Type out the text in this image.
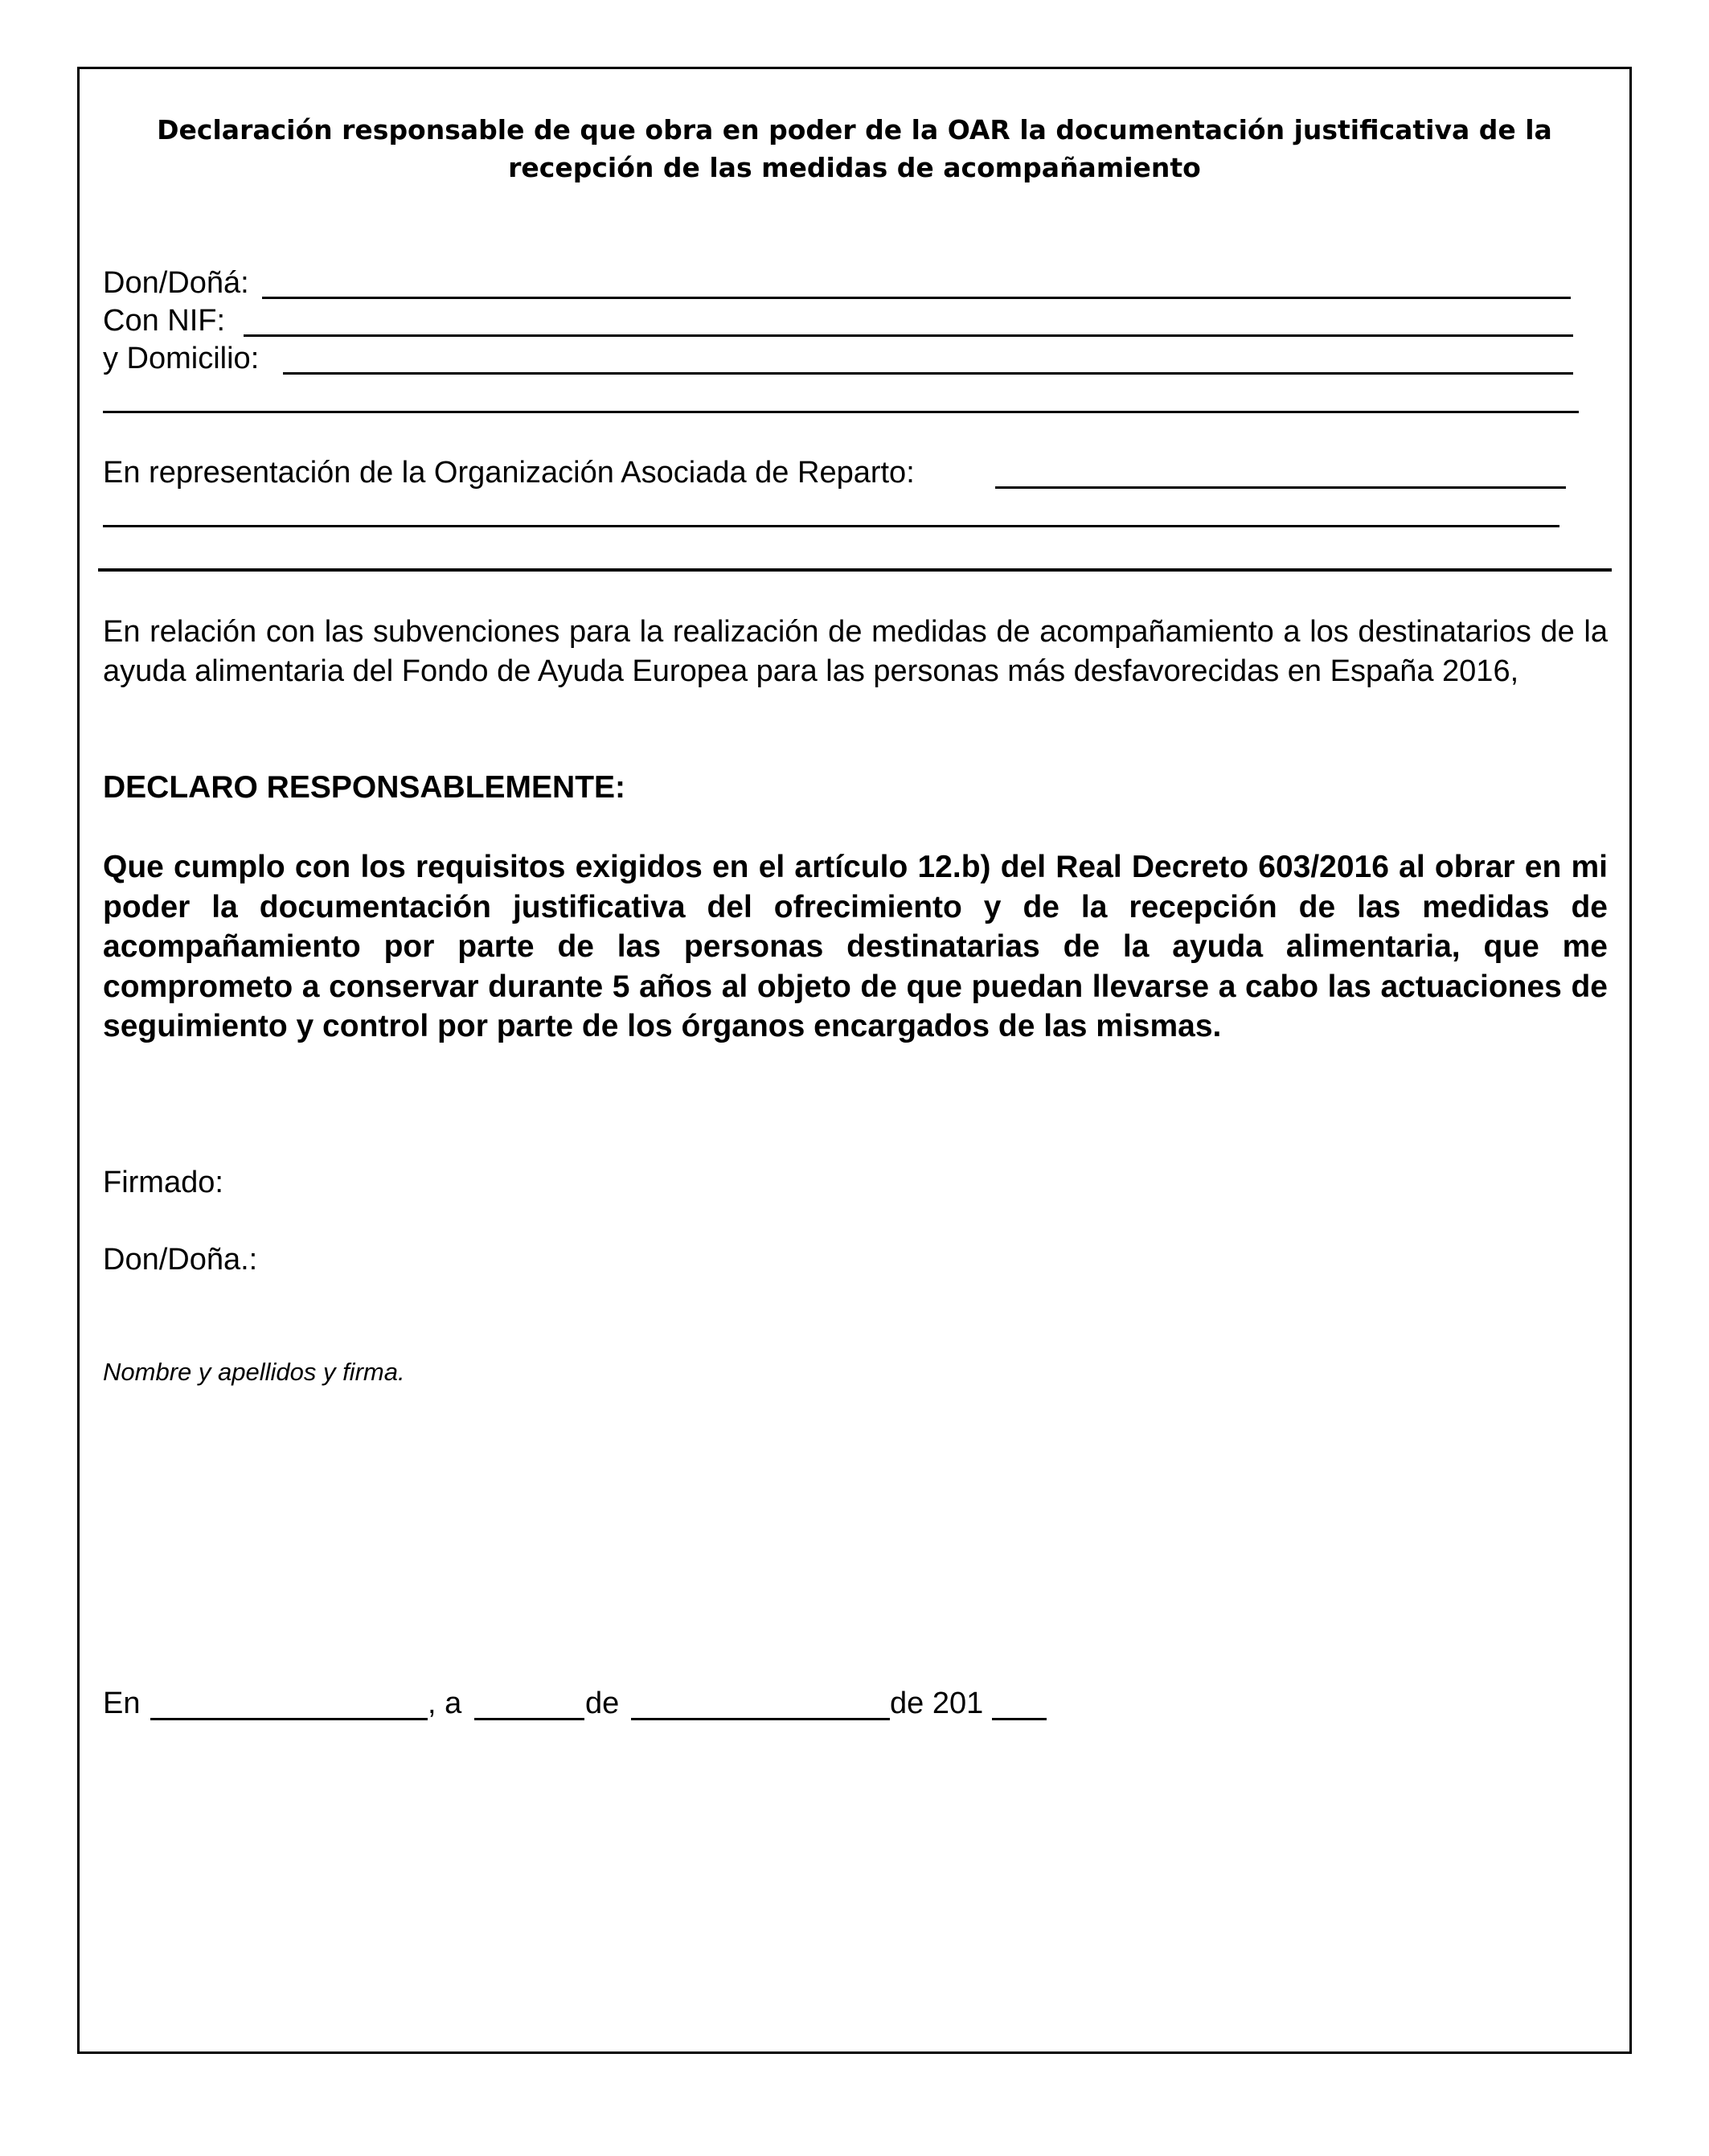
Declaración responsable de que obra en poder de la OAR la documentación justificativa de la recepción de las medidas de acompañamiento
Don/Doñá:
Con NIF:
y Domicilio:
En representación de la Organización Asociada de Reparto:
En relación con las subvenciones para la realización de medidas de acompañamiento a los destinatarios de la ayuda alimentaria del Fondo de Ayuda Europea para las personas más desfavorecidas en España 2016,
DECLARO RESPONSABLEMENTE:
Que cumplo con los requisitos exigidos en el artículo 12.b) del Real Decreto 603/2016 al obrar en mi poder la documentación justificativa del ofrecimiento y de la recepción de las medidas de acompañamiento por parte de las personas destinatarias de la ayuda alimentaria, que me comprometo a conservar durante 5 años al objeto de que puedan llevarse a cabo las actuaciones de seguimiento y control por parte de los órganos encargados de las mismas.
Firmado:
Don/Doña.:
Nombre y apellidos y firma.
En	, a	de	de 201
